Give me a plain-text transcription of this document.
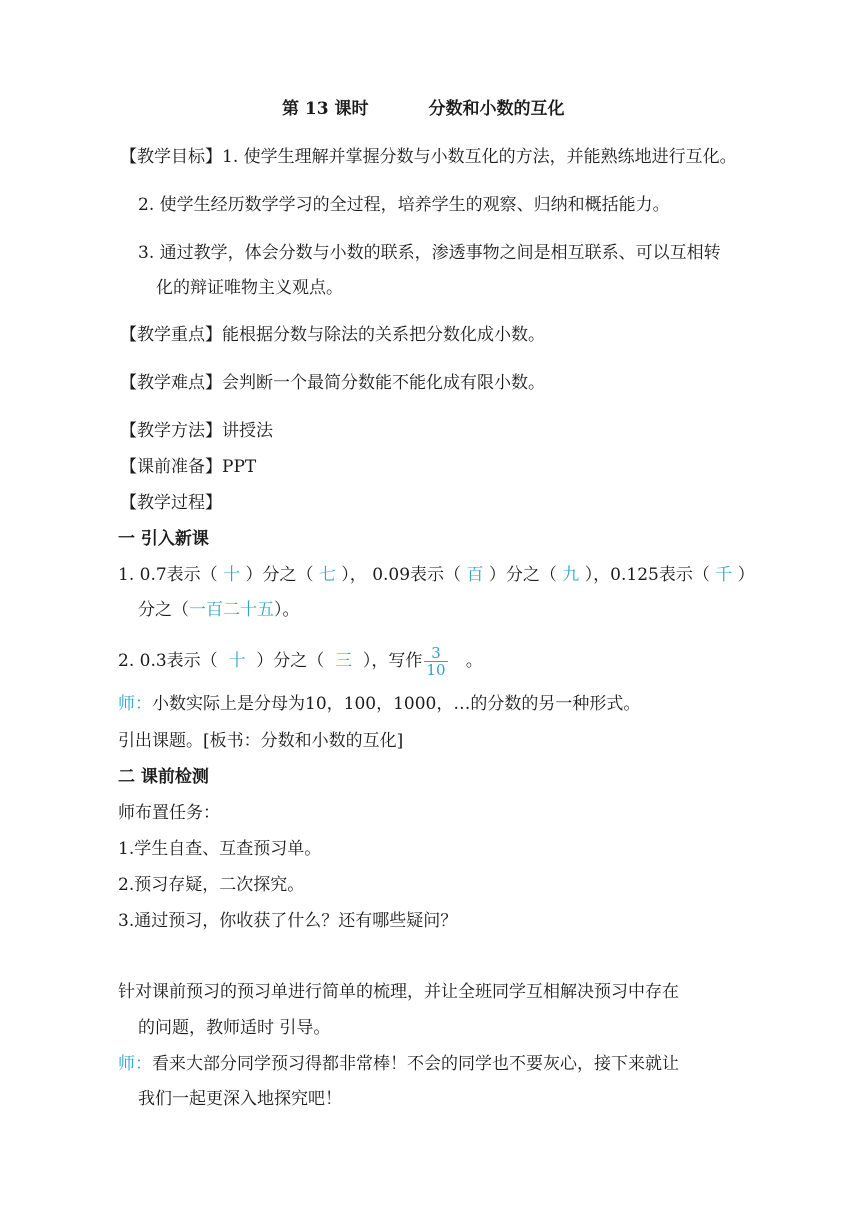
第 13 课时	分数和小数的互化
【教学目标】1. 使学生理解并掌握分数与小数互化的方法，并能熟练地进行互化。
2. 使学生经历数学学习的全过程，培养学生的观察、归纳和概括能力。
3. 通过教学，体会分数与小数的联系，渗透事物之间是相互联系、可以互相转
化的辩证唯物主义观点。
【教学重点】能根据分数与除法的关系把分数化成小数。
【教学难点】会判断一个最简分数能不能化成有限小数。
【教学方法】讲授法
【课前准备】PPT
【教学过程】
一 引入新课
1. 0.7表示（ 十 ）分之（ 七 ）， 0.09表示（ 百 ）分之（ 九 ），0.125表示（ 千 ）
分之（一百二十五）。
2. 0.3表示（ 十 ）分之（ 三 ），写作 $\frac{3}{10}$ 。
师：小数实际上是分母为10，100，1000，…的分数的另一种形式。
引出课题。[板书：分数和小数的互化]
二 课前检测
师布置任务：
1.学生自查、互查预习单。
2.预习存疑，二次探究。
3.通过预习，你收获了什么？还有哪些疑问？
针对课前预习的预习单进行简单的梳理，并让全班同学互相解决预习中存在
的问题，教师适时 引导。
师：看来大部分同学预习得都非常棒！不会的同学也不要灰心，接下来就让
我们一起更深入地探究吧！
